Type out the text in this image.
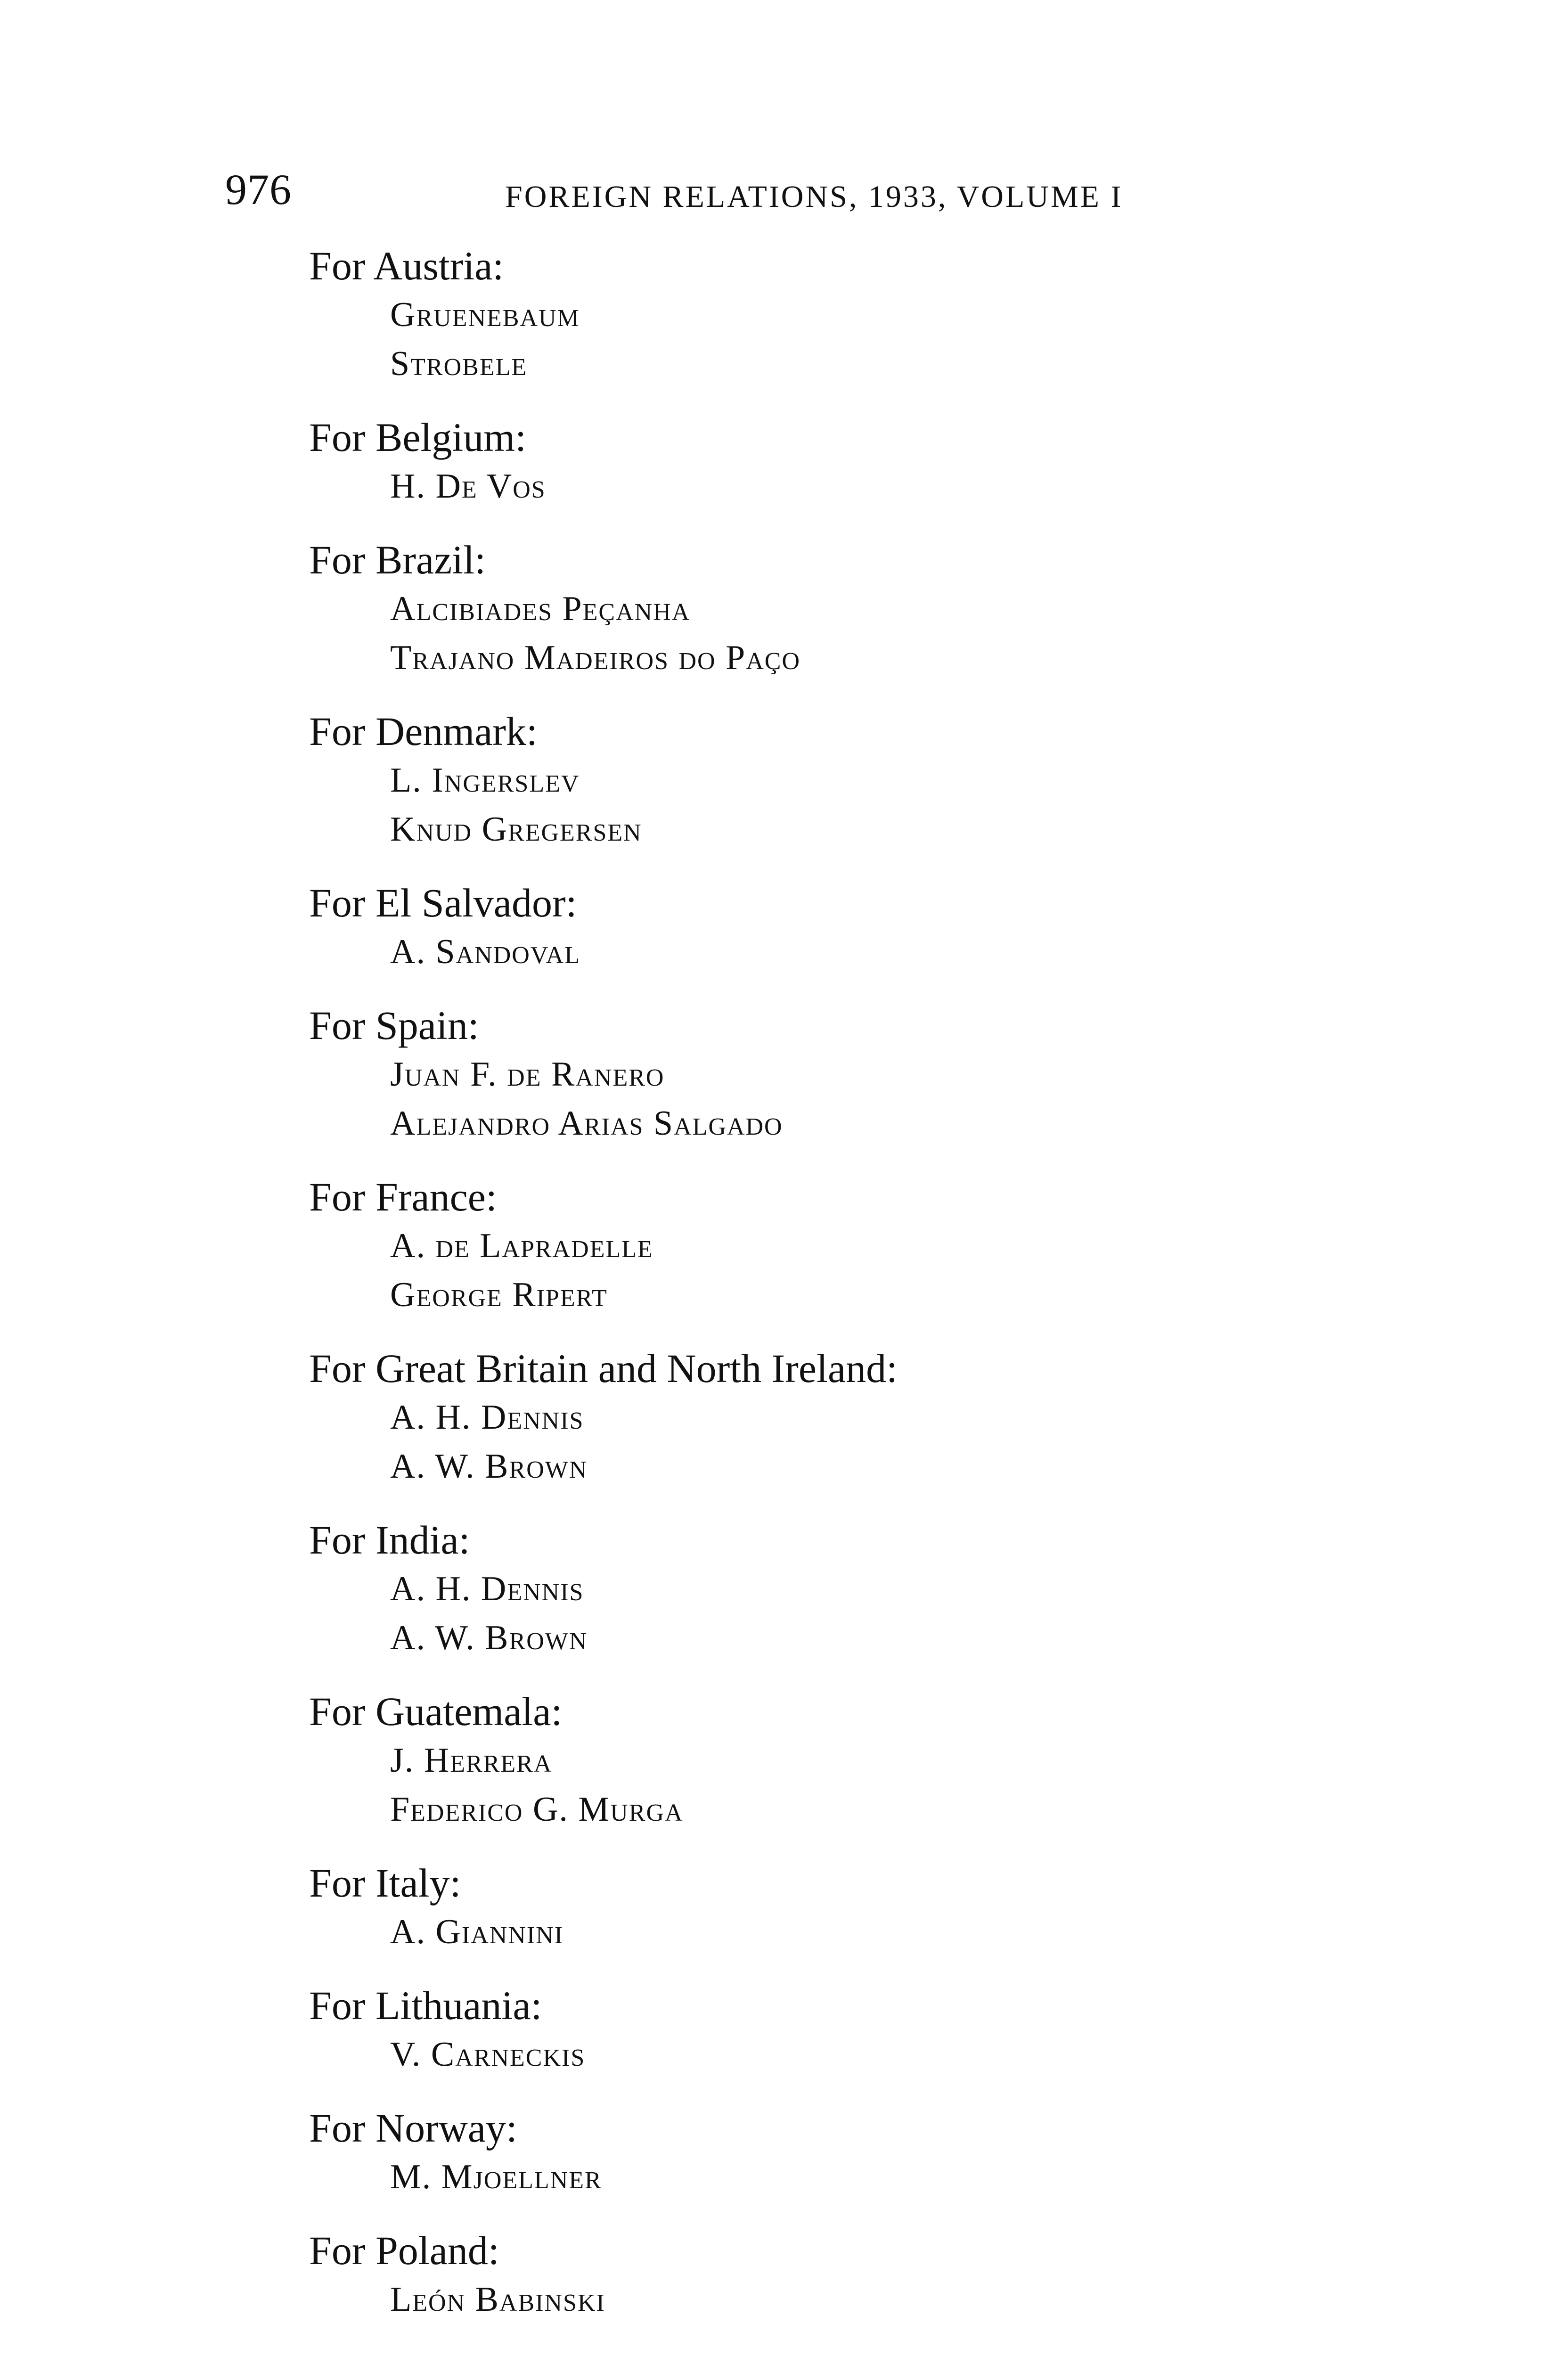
976	FOREIGN RELATIONS, 1933, VOLUME I
For Austria:
Gruenebaum
Strobele
For Belgium:
H. De Vos
For Brazil:
Alcibiades Peçanha
Trajano Madeiros do Paço
For Denmark:
L. Ingerslev
Knud Gregersen
For El Salvador:
A. Sandoval
For Spain:
Juan F. de Ranero
Alejandro Arias Salgado
For France:
A. de Lapradelle
George Ripert
For Great Britain and North Ireland:
A. H. Dennis
A. W. Brown
For India:
A. H. Dennis
A. W. Brown
For Guatemala:
J. Herrera
Federico G. Murga
For Italy:
A. Giannini
For Lithuania:
V. Carneckis
For Norway:
M. Mjoellner
For Poland:
León Babinski
